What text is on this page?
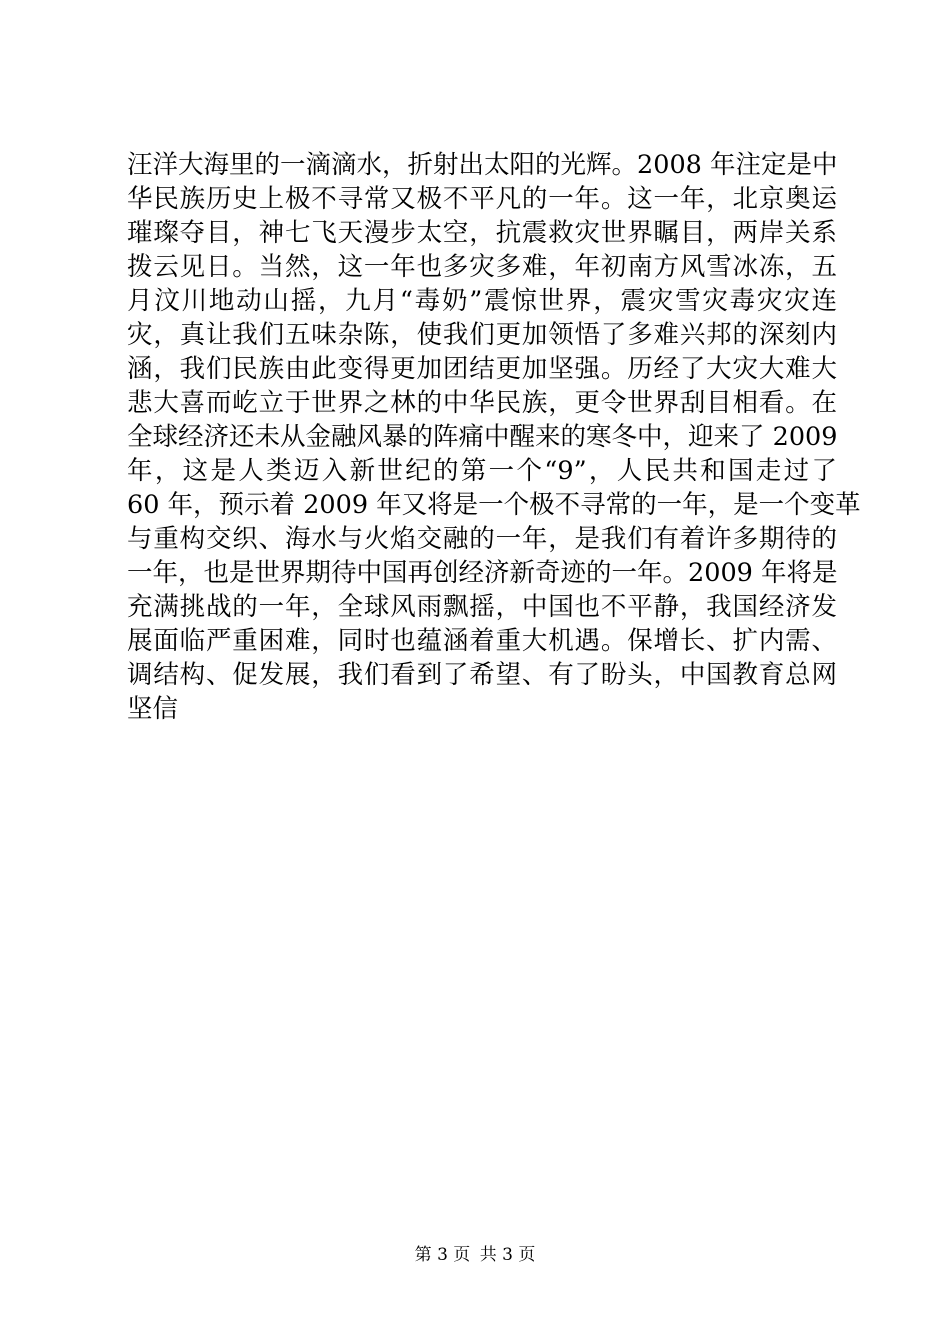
汪洋大海里的一滴滴水，折射出太阳的光辉。2008 年注定是中
华民族历史上极不寻常又极不平凡的一年。这一年，北京奥运
璀璨夺目，神七飞天漫步太空，抗震救灾世界瞩目，两岸关系
拨云见日。当然，这一年也多灾多难，年初南方风雪冰冻，五
月汶川地动山摇，九月“毒奶”震惊世界，震灾雪灾毒灾灾连
灾，真让我们五味杂陈，使我们更加领悟了多难兴邦的深刻内
涵，我们民族由此变得更加团结更加坚强。历经了大灾大难大
悲大喜而屹立于世界之林的中华民族，更令世界刮目相看。在
全球经济还未从金融风暴的阵痛中醒来的寒冬中，迎来了 2009
年，这是人类迈入新世纪的第一个“9”，人民共和国走过了
60 年，预示着 2009 年又将是一个极不寻常的一年，是一个变革
与重构交织、海水与火焰交融的一年，是我们有着许多期待的
一年，也是世界期待中国再创经济新奇迹的一年。2009 年将是
充满挑战的一年，全球风雨飘摇，中国也不平静，我国经济发
展面临严重困难，同时也蕴涵着重大机遇。保增长、扩内需、
调结构、促发展，我们看到了希望、有了盼头，中国教育总网
坚信
第 3 页 共 3 页
